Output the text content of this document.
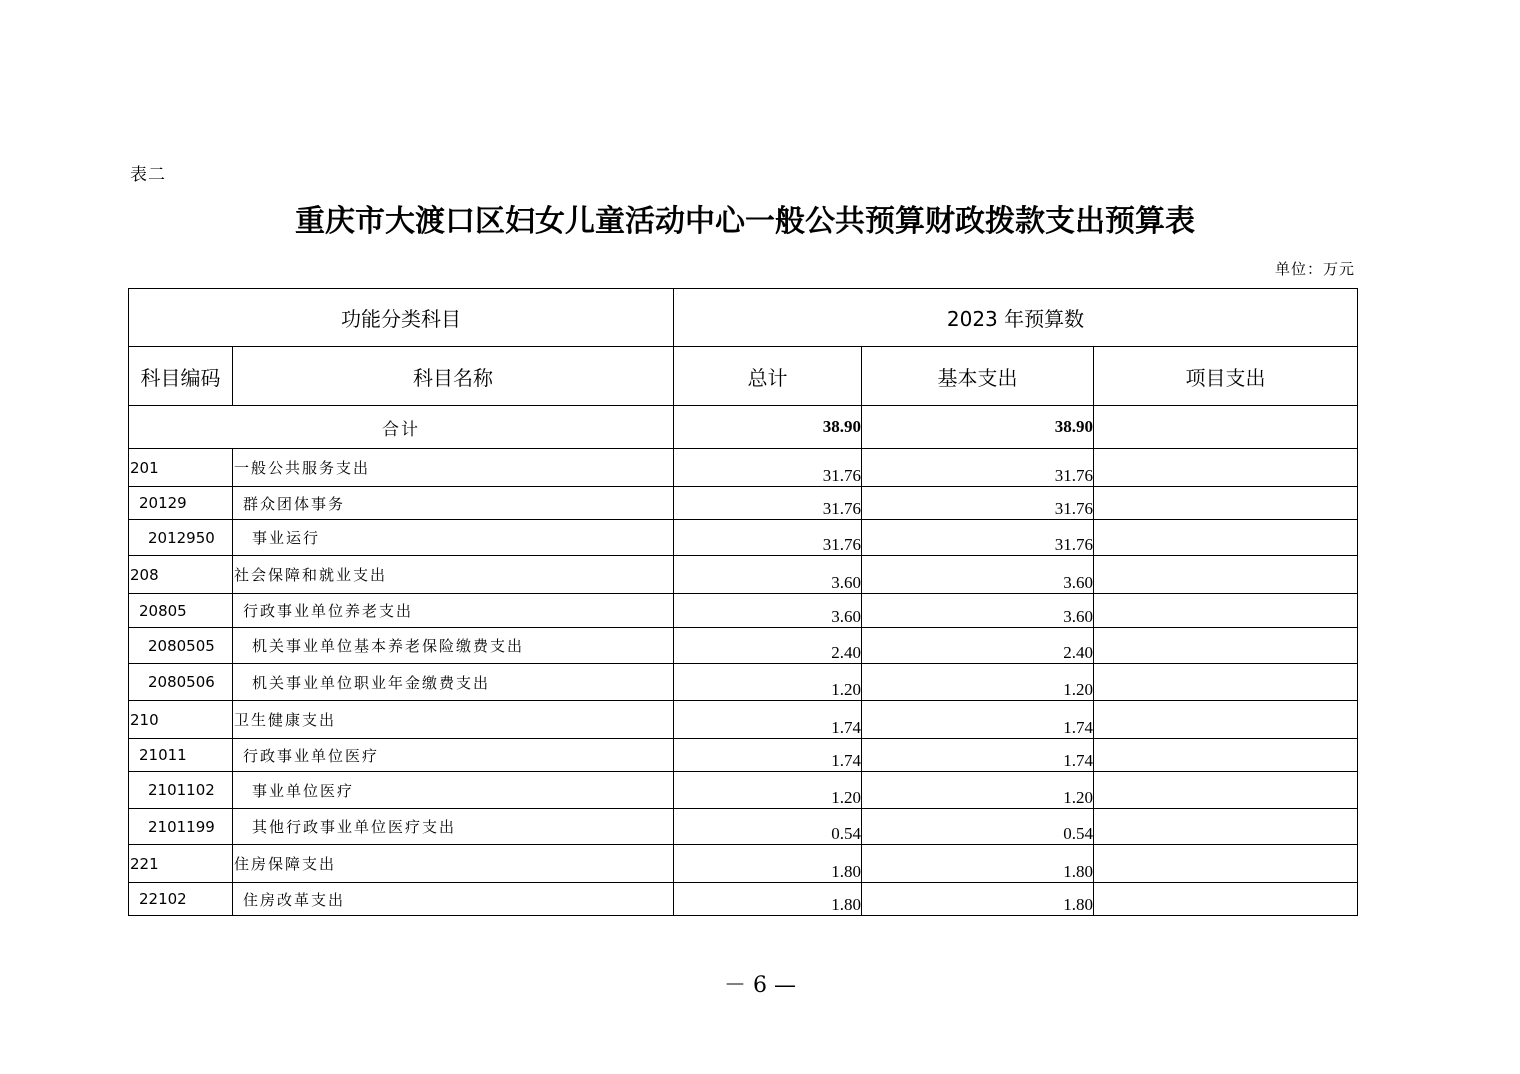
表二
重庆市大渡口区妇女儿童活动中心一般公共预算财政拨款支出预算表
单位：万元
功能分类科目		2023 年预算数		
科目编码	科目名称	总计	基本支出	项目支出
合计		38.90	38.90	
201	一般公共服务支出	31.76	31.76	
20129	群众团体事务	31.76	31.76	
2012950	事业运行	31.76	31.76	
208	社会保障和就业支出	3.60	3.60	
20805	行政事业单位养老支出	3.60	3.60	
2080505	机关事业单位基本养老保险缴费支出	2.40	2.40	
2080506	机关事业单位职业年金缴费支出	1.20	1.20	
210	卫生健康支出	1.74	1.74	
21011	行政事业单位医疗	1.74	1.74	
2101102	事业单位医疗	1.20	1.20	
2101199	其他行政事业单位医疗支出	0.54	0.54	
221	住房保障支出	1.80	1.80	
22102	住房改革支出	1.80	1.80	
－ 6 —
